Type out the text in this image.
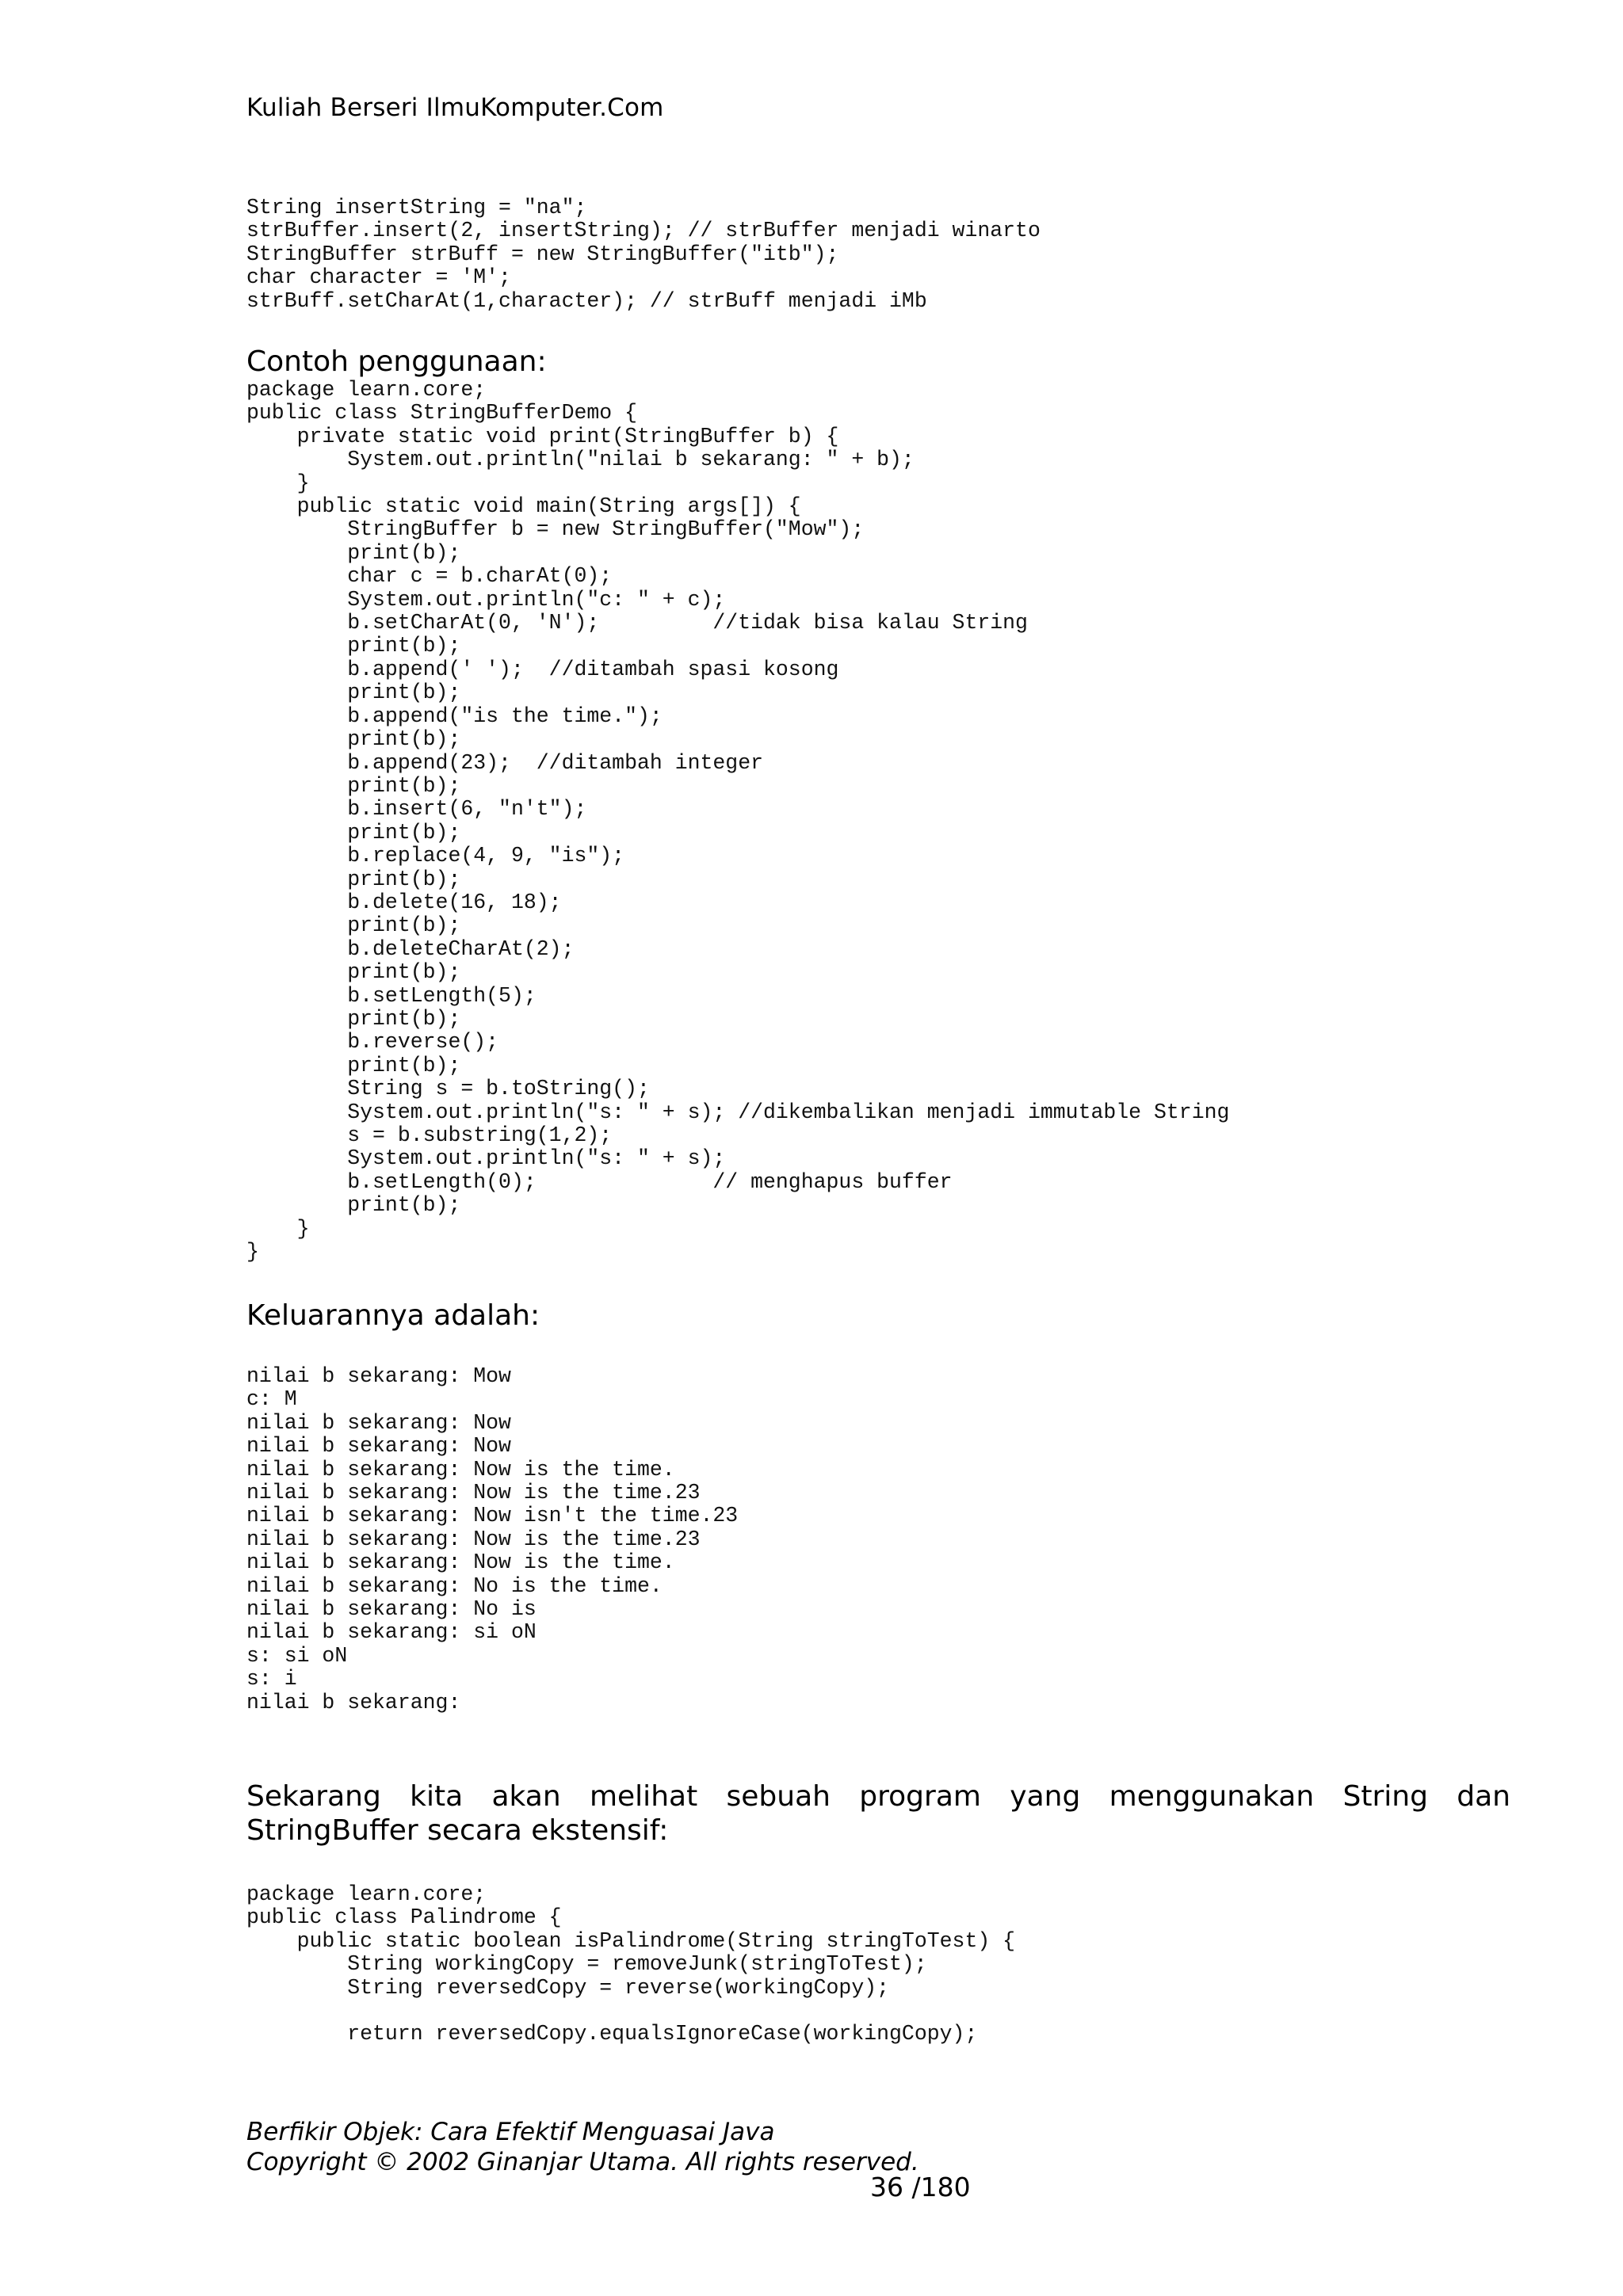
Kuliah Berseri IlmuKomputer.Com
String insertString = "na";
strBuffer.insert(2, insertString); // strBuffer menjadi winarto
StringBuffer strBuff = new StringBuffer("itb");
char character = 'M';
strBuff.setCharAt(1,character); // strBuff menjadi iMb
Contoh penggunaan:
package learn.core;
public class StringBufferDemo {
private static void print(StringBuffer b) {
System.out.println("nilai b sekarang: " + b);
}
public static void main(String args[]) {
StringBuffer b = new StringBuffer("Mow");
print(b);
char c = b.charAt(0);
System.out.println("c: " + c);
b.setCharAt(0, 'N');         //tidak bisa kalau String
print(b);
b.append(' ');  //ditambah spasi kosong
print(b);
b.append("is the time.");
print(b);
b.append(23);  //ditambah integer
print(b);
b.insert(6, "n't");
print(b);
b.replace(4, 9, "is");
print(b);
b.delete(16, 18);
print(b);
b.deleteCharAt(2);
print(b);
b.setLength(5);
print(b);
b.reverse();
print(b);
String s = b.toString();
System.out.println("s: " + s); //dikembalikan menjadi immutable String
s = b.substring(1,2);
System.out.println("s: " + s);
b.setLength(0);              // menghapus buffer
print(b);
}
}
Keluarannya adalah:
nilai b sekarang: Mow
c: M
nilai b sekarang: Now
nilai b sekarang: Now
nilai b sekarang: Now is the time.
nilai b sekarang: Now is the time.23
nilai b sekarang: Now isn't the time.23
nilai b sekarang: Now is the time.23
nilai b sekarang: Now is the time.
nilai b sekarang: No is the time.
nilai b sekarang: No is
nilai b sekarang: si oN
s: si oN
s: i
nilai b sekarang:
Sekarang kita akan melihat sebuah program yang menggunakan String dan StringBuffer secara ekstensif:
package learn.core;
public class Palindrome {
public static boolean isPalindrome(String stringToTest) {
String workingCopy = removeJunk(stringToTest);
String reversedCopy = reverse(workingCopy);

return reversedCopy.equalsIgnoreCase(workingCopy);
Berfikir Objek: Cara Efektif Menguasai Java
Copyright © 2002 Ginanjar Utama. All rights reserved.
36 /180
